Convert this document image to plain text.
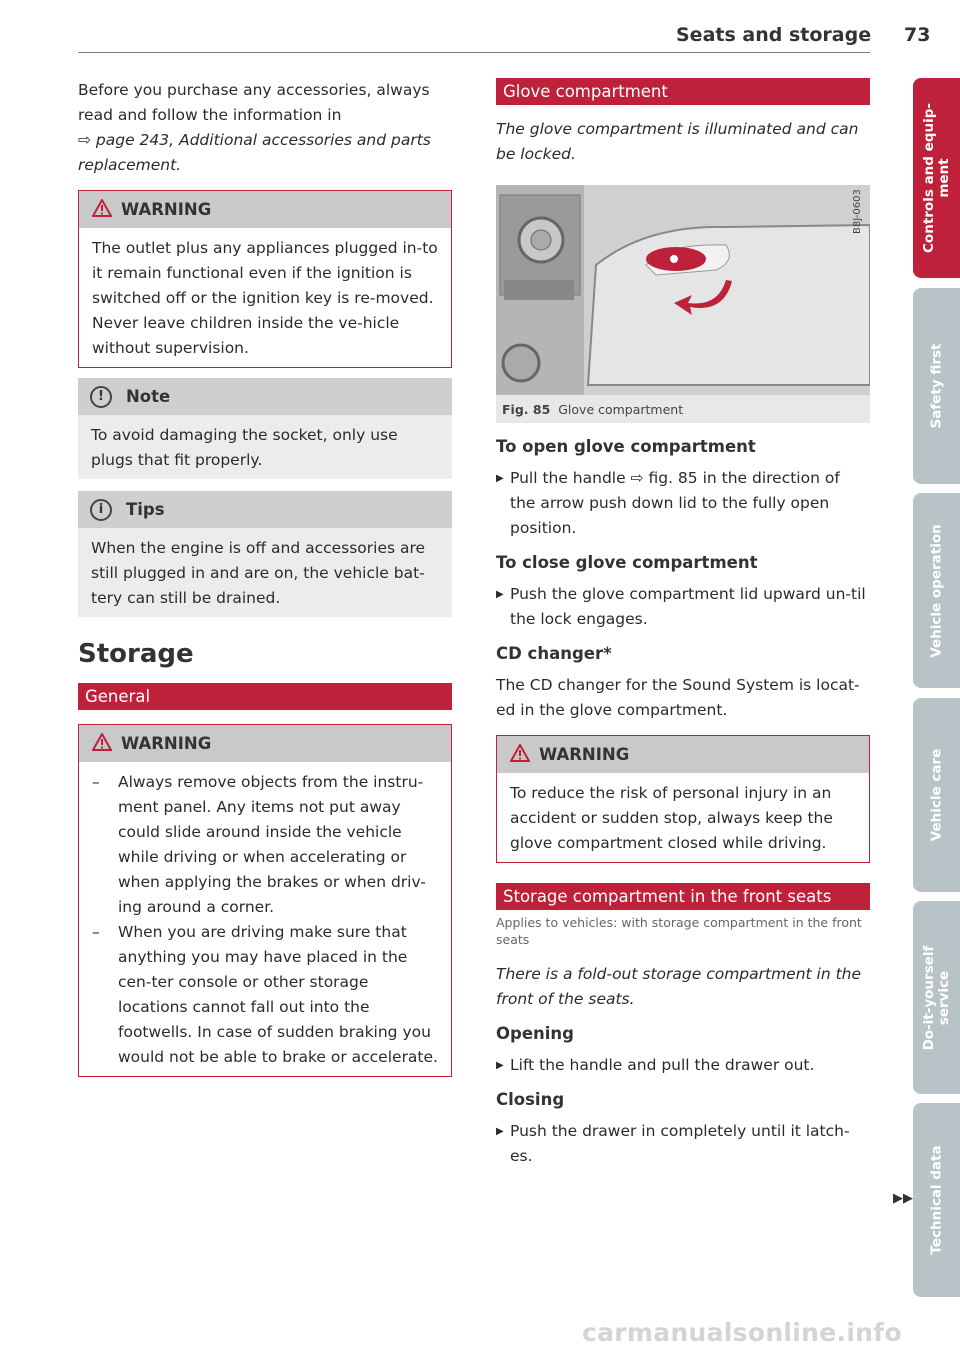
Seats and storage 73
Before you purchase any accessories, always
read and follow the information in
⇨ page 243, Additional accessories and parts
replacement.
WARNING
The outlet plus any appliances plugged in-to it remain functional even if the ignition is switched off or the ignition key is re-moved. Never leave children inside the ve-hicle without supervision.
!	Note
To avoid damaging the socket, only use plugs that fit properly.
i	Tips
When the engine is off and accessories are still plugged in and are on, the vehicle bat-tery can still be drained.
Storage
General
WARNING
– Always remove objects from the instru-ment panel. Any items not put away could slide around inside the vehicle while driving or when accelerating or when applying the brakes or when driv-ing around a corner.
– When you are driving make sure that anything you may have placed in the cen-ter console or other storage locations cannot fall out into the footwells. In case of sudden braking you would not be able to brake or accelerate.
Glove compartment
The glove compartment is illuminated and can be locked.
B8J-0603
Fig. 85 Glove compartment
To open glove compartment
▶ Pull the handle ⇨ fig. 85 in the direction of the arrow push down lid to the fully open position.
To close glove compartment
▶ Push the glove compartment lid upward un-til the lock engages.
CD changer*
The CD changer for the Sound System is locat-ed in the glove compartment.
WARNING
To reduce the risk of personal injury in an accident or sudden stop, always keep the glove compartment closed while driving.
Storage compartment in the front seats
Applies to vehicles: with storage compartment in the front seats
There is a fold-out storage compartment in the front of the seats.
Opening
▶ Lift the handle and pull the drawer out.
Closing
▶ Push the drawer in completely until it latch-es.
▶▶
Controls and equip- ment
Safety first
Vehicle operation
Vehicle care
Do-it-yourself service
Technical data
carmanualsonline.info
